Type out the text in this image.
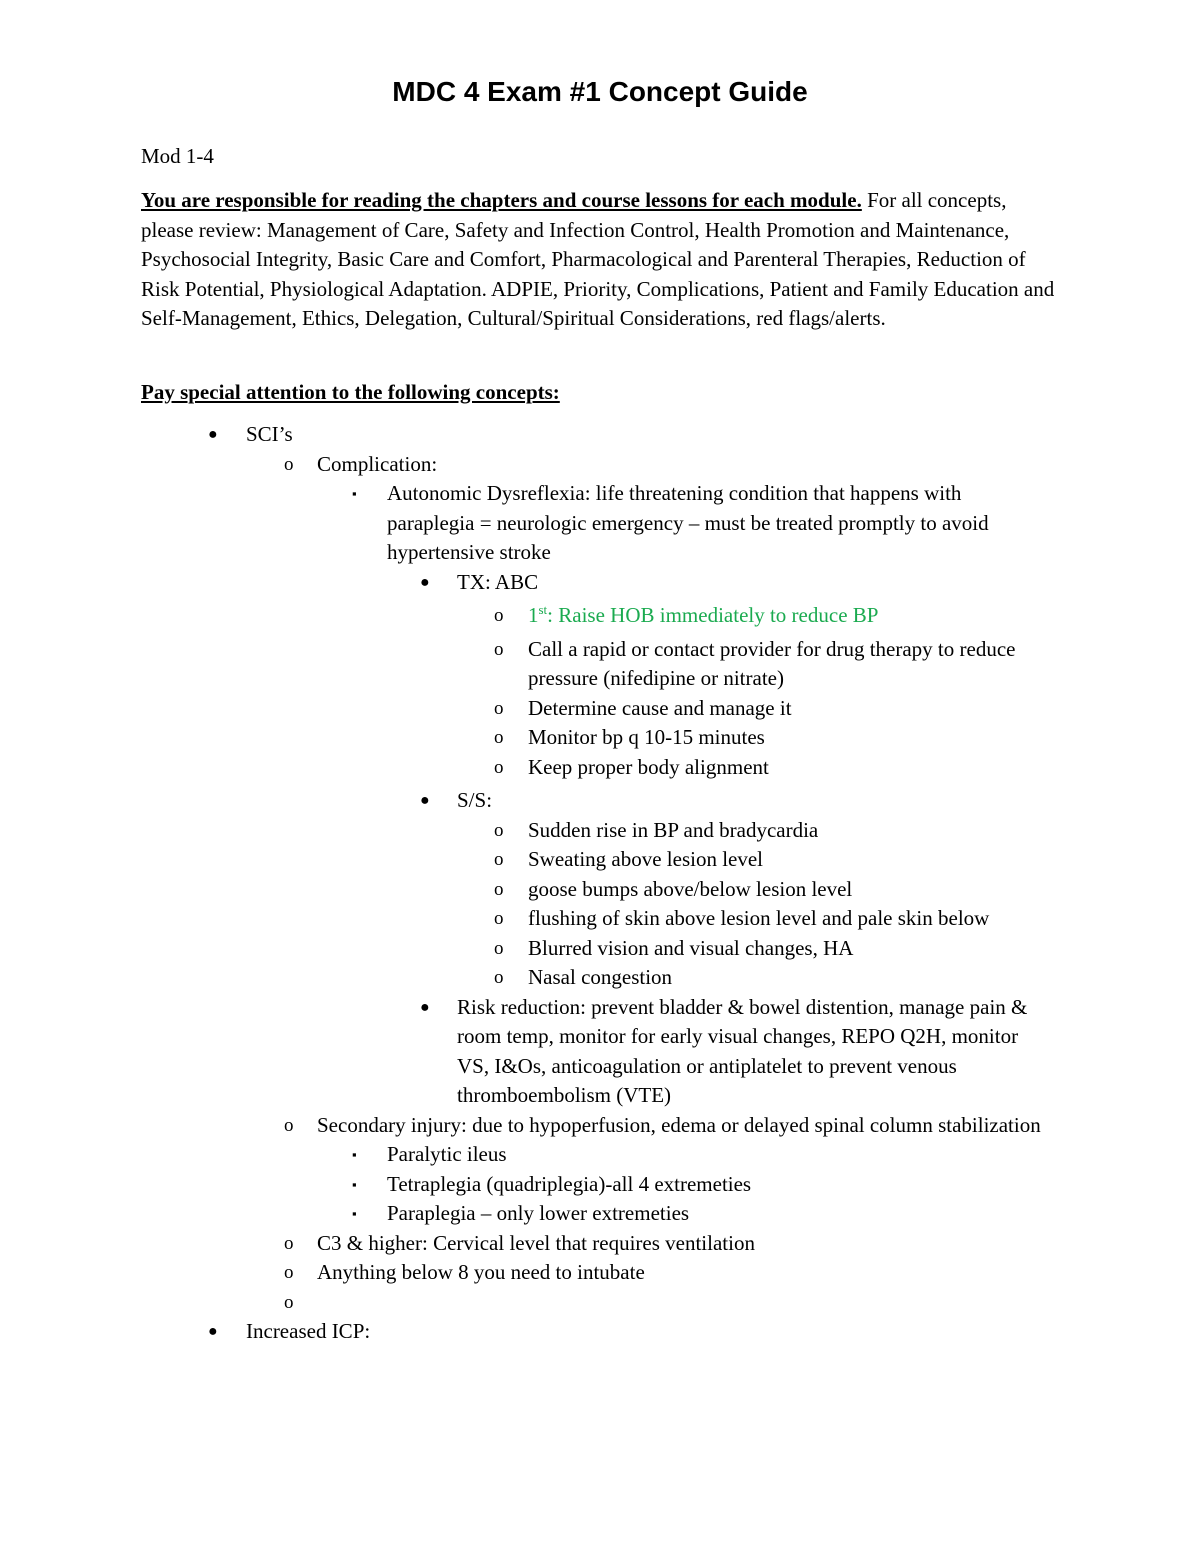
MDC 4 Exam #1 Concept Guide

Mod 1-4

You are responsible for reading the chapters and course lessons for each module. For all concepts, please review: Management of Care, Safety and Infection Control, Health Promotion and Maintenance, Psychosocial Integrity, Basic Care and Comfort, Pharmacological and Parenteral Therapies, Reduction of Risk Potential, Physiological Adaptation. ADPIE, Priority, Complications, Patient and Family Education and Self-Management, Ethics, Delegation, Cultural/Spiritual Considerations, red flags/alerts.

Pay special attention to the following concepts:

● SCI’s
o Complication:
▪ Autonomic Dysreflexia: life threatening condition that happens with paraplegia = neurologic emergency – must be treated promptly to avoid hypertensive stroke
● TX: ABC
o 1st: Raise HOB immediately to reduce BP
o Call a rapid or contact provider for drug therapy to reduce pressure (nifedipine or nitrate)
o Determine cause and manage it
o Monitor bp q 10-15 minutes
o Keep proper body alignment
● S/S:
o Sudden rise in BP and bradycardia
o Sweating above lesion level
o goose bumps above/below lesion level
o flushing of skin above lesion level and pale skin below
o Blurred vision and visual changes, HA
o Nasal congestion
● Risk reduction: prevent bladder & bowel distention, manage pain & room temp, monitor for early visual changes, REPO Q2H, monitor VS, I&Os, anticoagulation or antiplatelet to prevent venous thromboembolism (VTE)
o Secondary injury: due to hypoperfusion, edema or delayed spinal column stabilization
▪ Paralytic ileus
▪ Tetraplegia (quadriplegia)-all 4 extremeties
▪ Paraplegia – only lower extremeties
o C3 & higher: Cervical level that requires ventilation
o Anything below 8 you need to intubate
o

● Increased ICP:
